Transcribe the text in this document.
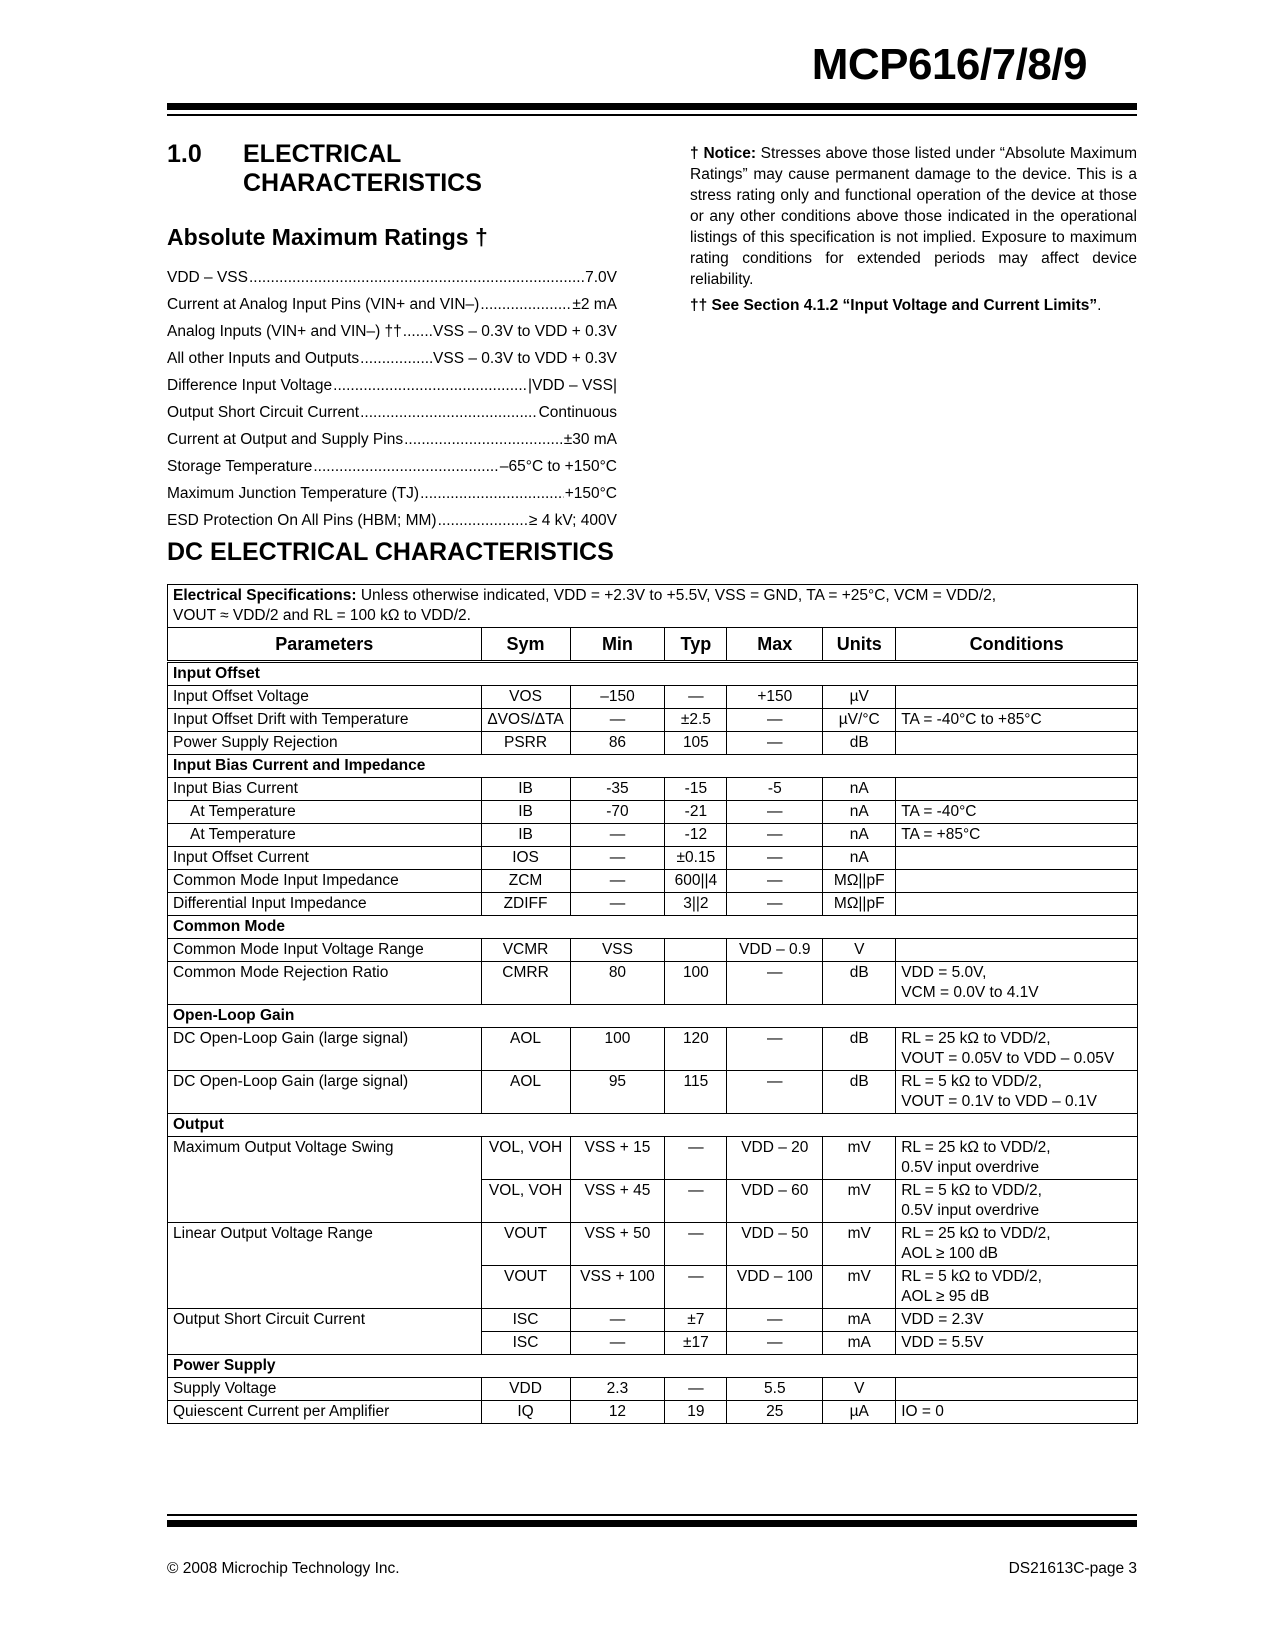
MCP616/7/8/9
1.0 ELECTRICAL
CHARACTERISTICS
Absolute Maximum Ratings †
VDD – VSS .....	7.0V
Current at Analog Input Pins (VIN+ and VIN–) .....	±2 mA
Analog Inputs (VIN+ and VIN–) †† ..... VSS – 0.3V to VDD + 0.3V
All other Inputs and Outputs .....	VSS – 0.3V to VDD + 0.3V
Difference Input Voltage .....	|VDD – VSS|
Output Short Circuit Current .....	Continuous
Current at Output and Supply Pins .....	±30 mA
Storage Temperature .....	–65°C to +150°C
Maximum Junction Temperature (TJ) .....	+150°C
ESD Protection On All Pins (HBM; MM) .....	≥ 4 kV; 400V
† Notice: Stresses above those listed under “Absolute Maximum Ratings” may cause permanent damage to the device. This is a stress rating only and functional operation of the device at those or any other conditions above those indicated in the operational listings of this specification is not implied. Exposure to maximum rating conditions for extended periods may affect device reliability.
†† See Section 4.1.2 “Input Voltage and Current Limits”.
DC ELECTRICAL CHARACTERISTICS
Electrical Specifications: Unless otherwise indicated, VDD = +2.3V to +5.5V, VSS = GND, TA = +25°C, VCM = VDD/2,
VOUT ≈ VDD/2 and RL = 100 kΩ to VDD/2.						
Parameters	Sym	Min	Typ	Max	Units	Conditions
Input Offset						
Input Offset Voltage	VOS	–150	—	+150	µV	

Input Offset Drift with Temperature	ΔVOS/ΔTA	—	±2.5	—	µV/°C	TA = -40°C to +85°C

Power Supply Rejection	PSRR	86	105	—	dB	

Input Bias Current and Impedance						
Input Bias Current	IB	-35	-15	-5	nA	

At Temperature	IB	-70	-21	—	nA	TA = -40°C

At Temperature	IB	—	-12	—	nA	TA = +85°C

Input Offset Current	IOS	—	±0.15	—	nA	

Common Mode Input Impedance	ZCM	—	600||4	—	MΩ||pF	

Differential Input Impedance	ZDIFF	—	3||2	—	MΩ||pF	

Common Mode						
Common Mode Input Voltage Range	VCMR	VSS		VDD – 0.9	V	

Common Mode Rejection Ratio	CMRR	80	100	—	dB	VDD = 5.0V,
VCM = 0.0V to 4.1V

Open-Loop Gain						
DC Open-Loop Gain (large signal)	AOL	100	120	—	dB	RL = 25 kΩ to VDD/2,
VOUT = 0.05V to VDD – 0.05V

DC Open-Loop Gain (large signal)	AOL	95	115	—	dB	RL = 5 kΩ to VDD/2,
VOUT = 0.1V to VDD – 0.1V

Output						
Maximum Output Voltage Swing	VOL, VOH	VSS + 15	—	VDD – 20	mV	RL = 25 kΩ to VDD/2,
0.5V input overdrive

	VOL, VOH	VSS + 45	—	VDD – 60	mV	RL = 5 kΩ to VDD/2,
0.5V input overdrive

Linear Output Voltage Range	VOUT	VSS + 50	—	VDD – 50	mV	RL = 25 kΩ to VDD/2,
AOL ≥ 100 dB

	VOUT	VSS + 100	—	VDD – 100	mV	RL = 5 kΩ to VDD/2,
AOL ≥ 95 dB

Output Short Circuit Current	ISC	—	±7	—	mA	VDD = 2.3V

	ISC	—	±17	—	mA	VDD = 5.5V

Power Supply						
Supply Voltage	VDD	2.3	—	5.5	V	

Quiescent Current per Amplifier	IQ	12	19	25	µA	IO = 0
© 2008 Microchip Technology Inc.	DS21613C-page 3
